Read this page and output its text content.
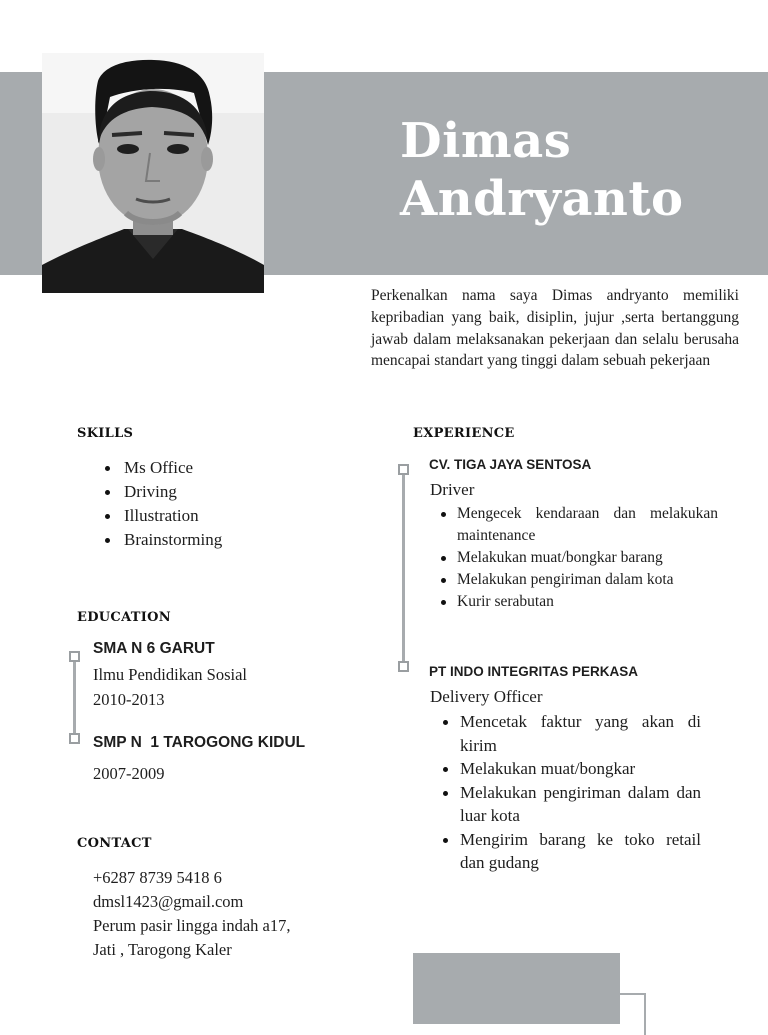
Dimas
Andryanto

Perkenalkan nama saya Dimas andryanto memiliki kepribadian yang baik, disiplin, jujur ,serta bertanggung jawab dalam melaksanakan pekerjaan dan selalu berusaha mencapai standart yang tinggi dalam sebuah pekerjaan

SKILLS
Ms Office
Driving
Illustration
Brainstorming
EDUCATION
SMA N 6 GARUT

Ilmu Pendidikan Sosial

2010-2013

SMP N  1 TAROGONG KIDUL

2007-2009

CONTACT
+6287 8739 5418 6
dmsl1423@gmail.com
Perum pasir lingga indah a17,
Jati , Tarogong Kaler
EXPERIENCE
CV. TIGA JAYA SENTOSA

Driver

Mengecek kendaraan dan melakukan maintenance
Melakukan muat/bongkar barang
Melakukan pengiriman dalam kota
Kurir serabutan
PT INDO INTEGRITAS PERKASA

Delivery Officer

Mencetak faktur yang akan di kirim
Melakukan muat/bongkar
Melakukan pengiriman dalam dan luar kota
Mengirim barang ke toko retail dan gudang
